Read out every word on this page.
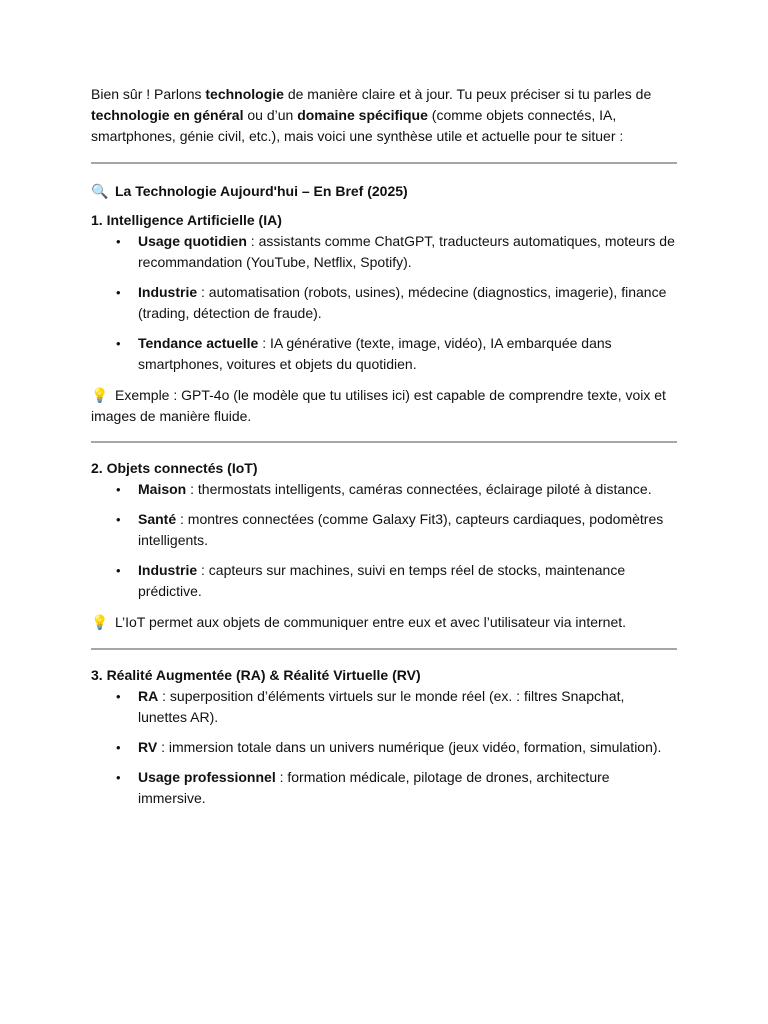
Bien sûr ! Parlons technologie de manière claire et à jour. Tu peux préciser si tu parles de technologie en général ou d’un domaine spécifique (comme objets connectés, IA, smartphones, génie civil, etc.), mais voici une synthèse utile et actuelle pour te situer :

🔍 La Technologie Aujourd'hui – En Bref (2025)

1. Intelligence Artificielle (IA)

• Usage quotidien : assistants comme ChatGPT, traducteurs automatiques, moteurs de recommandation (YouTube, Netflix, Spotify).
• Industrie : automatisation (robots, usines), médecine (diagnostics, imagerie), finance (trading, détection de fraude).
• Tendance actuelle : IA générative (texte, image, vidéo), IA embarquée dans smartphones, voitures et objets du quotidien.

💡 Exemple : GPT-4o (le modèle que tu utilises ici) est capable de comprendre texte, voix et images de manière fluide.

2. Objets connectés (IoT)

• Maison : thermostats intelligents, caméras connectées, éclairage piloté à distance.
• Santé : montres connectées (comme Galaxy Fit3), capteurs cardiaques, podomètres intelligents.
• Industrie : capteurs sur machines, suivi en temps réel de stocks, maintenance prédictive.

💡 L’IoT permet aux objets de communiquer entre eux et avec l’utilisateur via internet.

3. Réalité Augmentée (RA) & Réalité Virtuelle (RV)

• RA : superposition d’éléments virtuels sur le monde réel (ex. : filtres Snapchat, lunettes AR).
• RV : immersion totale dans un univers numérique (jeux vidéo, formation, simulation).
• Usage professionnel : formation médicale, pilotage de drones, architecture immersive.
